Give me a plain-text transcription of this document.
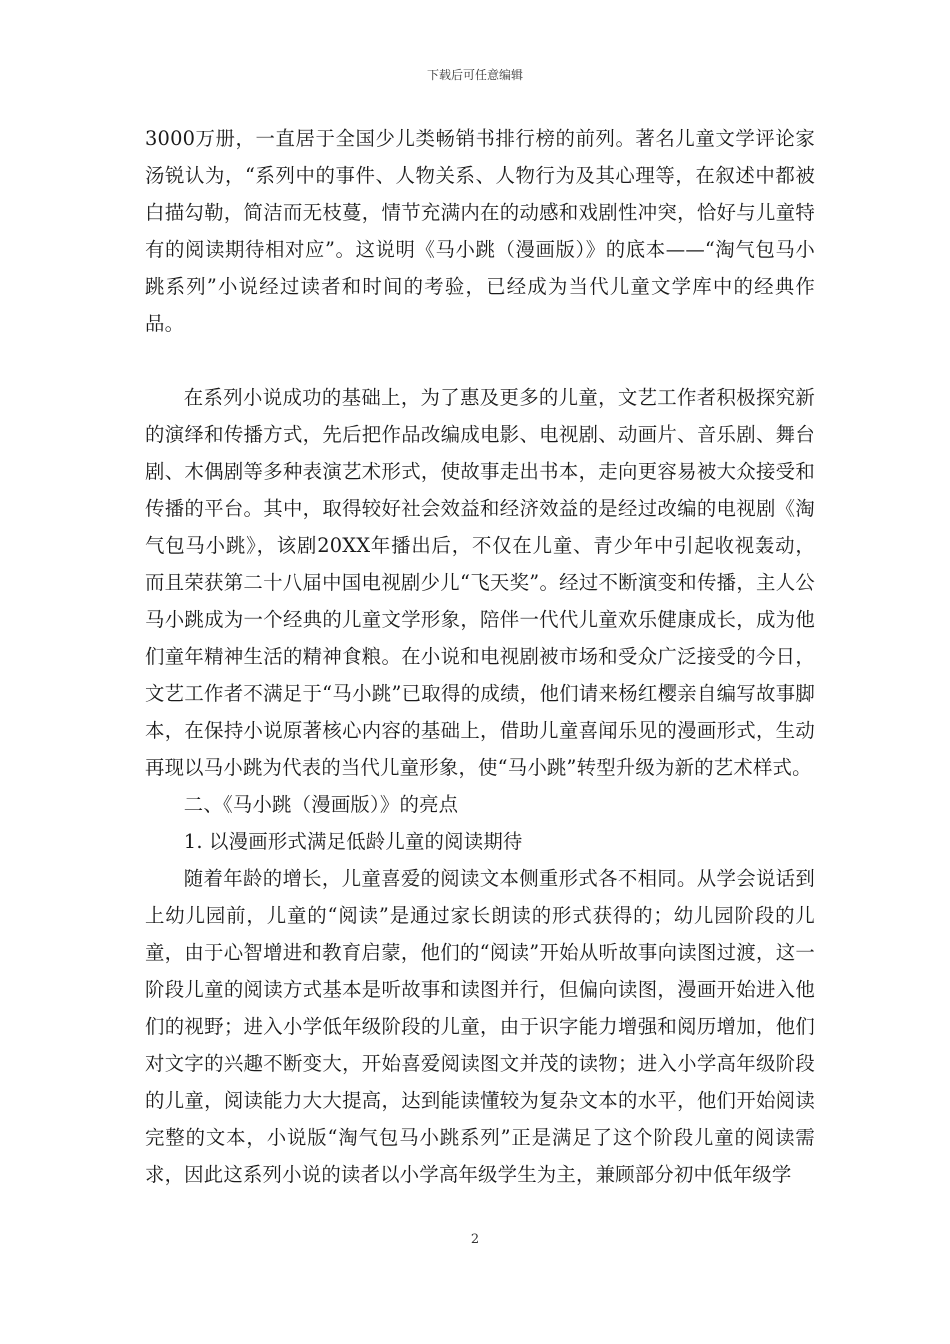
下载后可任意编辑

3000万册，一直居于全国少儿类畅销书排行榜的前列。著名儿童文学评论家汤锐认为，“系列中的事件、人物关系、人物行为及其心理等，在叙述中都被白描勾勒，简洁而无枝蔓，情节充满内在的动感和戏剧性冲突，恰好与儿童特有的阅读期待相对应”。这说明《马小跳（漫画版）》的底本——“淘气包马小跳系列”小说经过读者和时间的考验，已经成为当代儿童文学库中的经典作品。

在系列小说成功的基础上，为了惠及更多的儿童，文艺工作者积极探究新的演绎和传播方式，先后把作品改编成电影、电视剧、动画片、音乐剧、舞台剧、木偶剧等多种表演艺术形式，使故事走出书本，走向更容易被大众接受和传播的平台。其中，取得较好社会效益和经济效益的是经过改编的电视剧《淘气包马小跳》，该剧20XX年播出后，不仅在儿童、青少年中引起收视轰动，而且荣获第二十八届中国电视剧少儿“飞天奖”。经过不断演变和传播，主人公马小跳成为一个经典的儿童文学形象，陪伴一代代儿童欢乐健康成长，成为他们童年精神生活的精神食粮。在小说和电视剧被市场和受众广泛接受的今日，文艺工作者不满足于“马小跳”已取得的成绩，他们请来杨红樱亲自编写故事脚本，在保持小说原著核心内容的基础上，借助儿童喜闻乐见的漫画形式，生动再现以马小跳为代表的当代儿童形象，使“马小跳”转型升级为新的艺术样式。

二、《马小跳（漫画版）》的亮点

1. 以漫画形式满足低龄儿童的阅读期待

随着年龄的增长，儿童喜爱的阅读文本侧重形式各不相同。从学会说话到上幼儿园前，儿童的“阅读”是通过家长朗读的形式获得的；幼儿园阶段的儿童，由于心智增进和教育启蒙，他们的“阅读”开始从听故事向读图过渡，这一阶段儿童的阅读方式基本是听故事和读图并行，但偏向读图，漫画开始进入他们的视野；进入小学低年级阶段的儿童，由于识字能力增强和阅历增加，他们对文字的兴趣不断变大，开始喜爱阅读图文并茂的读物；进入小学高年级阶段的儿童，阅读能力大大提高，达到能读懂较为复杂文本的水平，他们开始阅读完整的文本，小说版“淘气包马小跳系列”正是满足了这个阶段儿童的阅读需求，因此这系列小说的读者以小学高年级学生为主，兼顾部分初中低年级学

2
